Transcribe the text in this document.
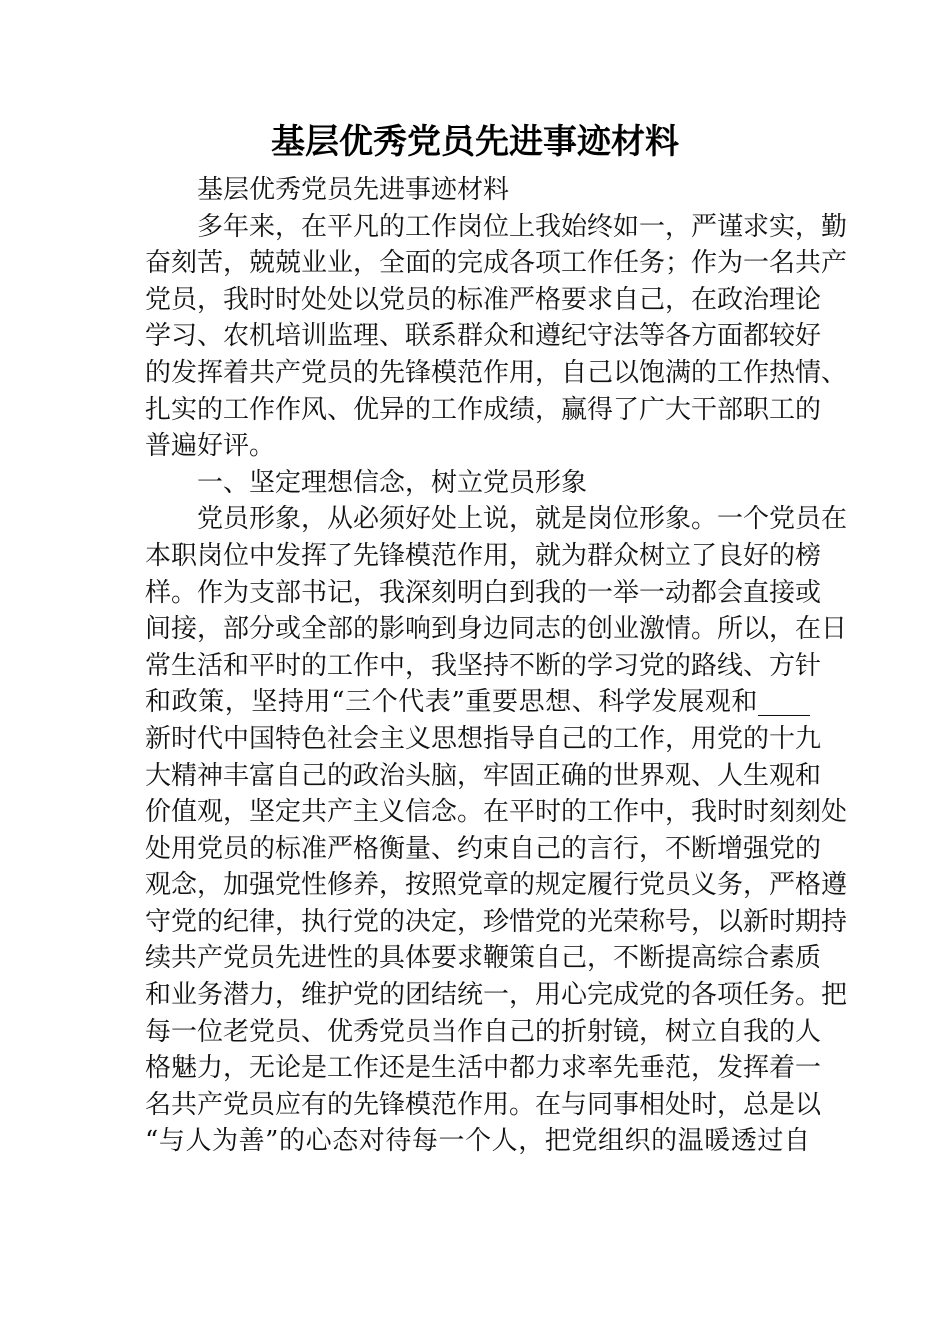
基层优秀党员先进事迹材料
基层优秀党员先进事迹材料
多年来，在平凡的工作岗位上我始终如一，严谨求实，勤
奋刻苦，兢兢业业，全面的完成各项工作任务；作为一名共产
党员，我时时处处以党员的标准严格要求自己，在政治理论
学习、农机培训监理、联系群众和遵纪守法等各方面都较好
的发挥着共产党员的先锋模范作用，自己以饱满的工作热情、
扎实的工作作风、优异的工作成绩，赢得了广大干部职工的
普遍好评。
一、坚定理想信念，树立党员形象
党员形象，从必须好处上说，就是岗位形象。一个党员在
本职岗位中发挥了先锋模范作用，就为群众树立了良好的榜
样。作为支部书记，我深刻明白到我的一举一动都会直接或
间接，部分或全部的影响到身边同志的创业激情。所以，在日
常生活和平时的工作中，我坚持不断的学习党的路线、方针
和政策，坚持用“三个代表”重要思想、科学发展观和____
新时代中国特色社会主义思想指导自己的工作，用党的十九
大精神丰富自己的政治头脑，牢固正确的世界观、人生观和
价值观，坚定共产主义信念。在平时的工作中，我时时刻刻处
处用党员的标准严格衡量、约束自己的言行，不断增强党的
观念，加强党性修养，按照党章的规定履行党员义务，严格遵
守党的纪律，执行党的决定，珍惜党的光荣称号，以新时期持
续共产党员先进性的具体要求鞭策自己，不断提高综合素质
和业务潜力，维护党的团结统一，用心完成党的各项任务。把
每一位老党员、优秀党员当作自己的折射镜，树立自我的人
格魅力，无论是工作还是生活中都力求率先垂范，发挥着一
名共产党员应有的先锋模范作用。在与同事相处时，总是以
“与人为善”的心态对待每一个人，把党组织的温暖透过自
